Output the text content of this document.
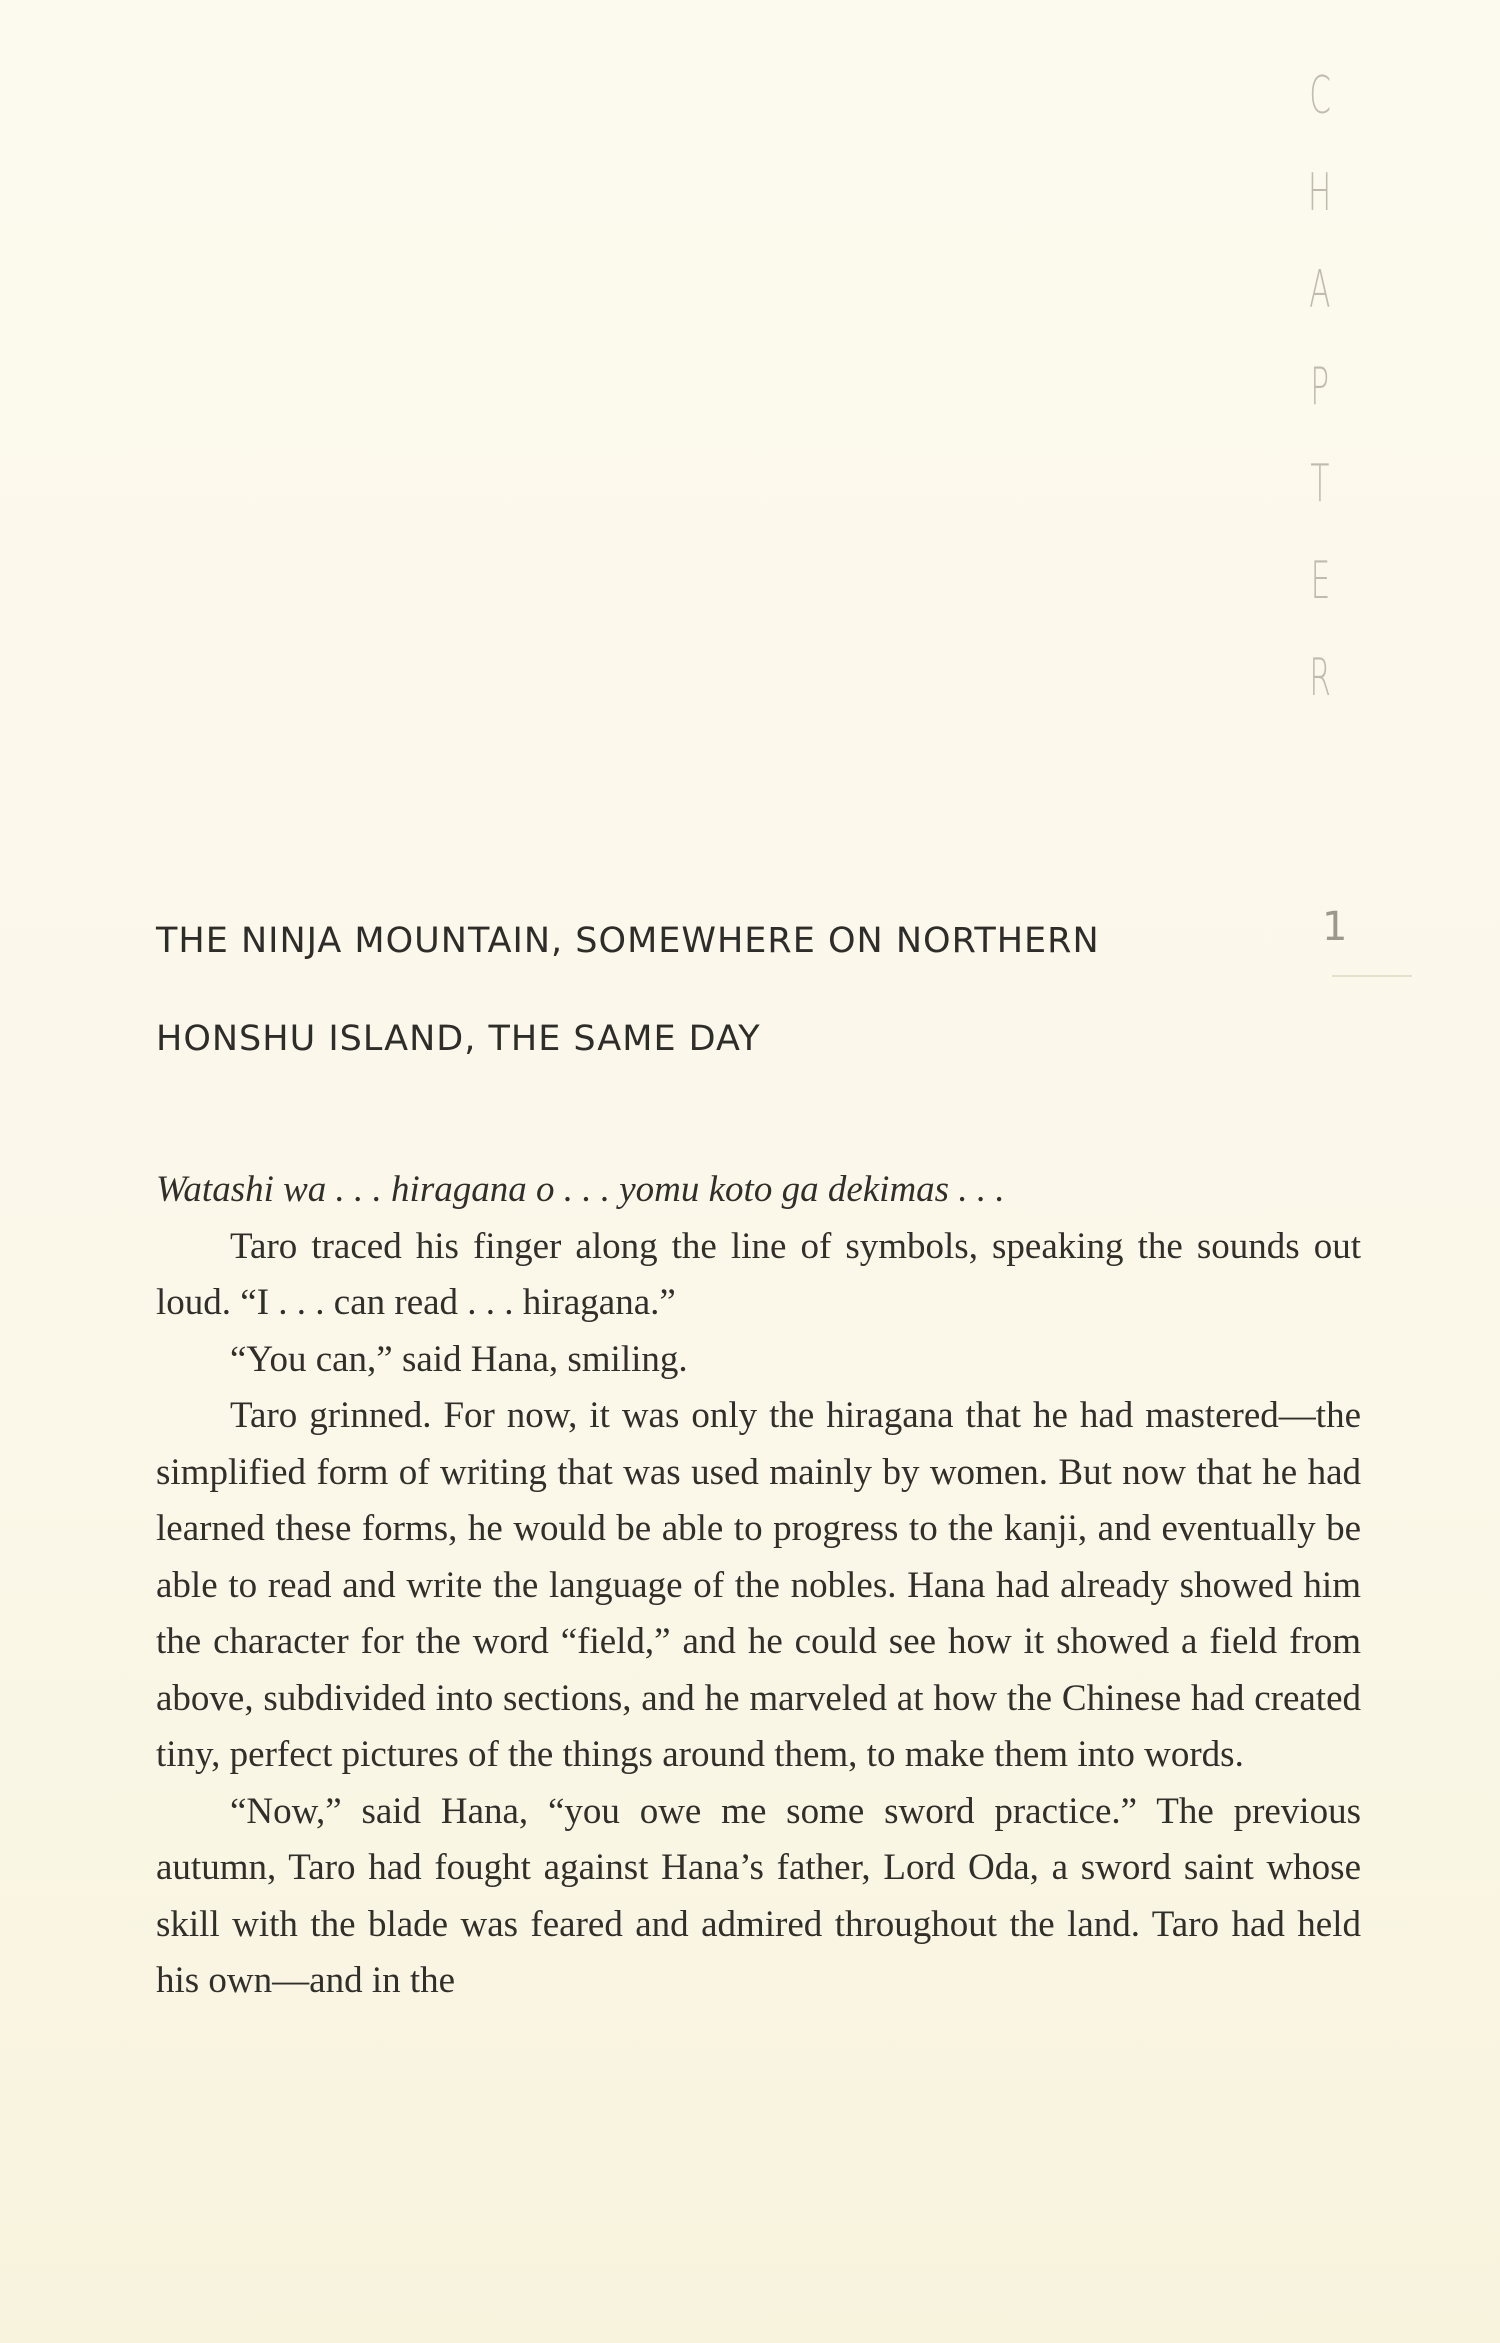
C
H
A
P
T
E
R
1
THE NINJA MOUNTAIN, SOMEWHERE ON NORTHERN
HONSHU ISLAND, THE SAME DAY

Watashi wa . . . hiragana o . . . yomu koto ga dekimas . . .

Taro traced his finger along the line of symbols, speaking the sounds out loud. “I . . . can read . . . hiragana.”

“You can,” said Hana, smiling.

Taro grinned. For now, it was only the hiragana that he had mastered—the simplified form of writing that was used mainly by women. But now that he had learned these forms, he would be able to progress to the kanji, and eventually be able to read and write the language of the nobles. Hana had already showed him the character for the word “field,” and he could see how it showed a field from above, subdivided into sections, and he marveled at how the Chinese had created tiny, perfect pictures of the things around them, to make them into words.

“Now,” said Hana, “you owe me some sword practice.” The previous autumn, Taro had fought against Hana’s father, Lord Oda, a sword saint whose skill with the blade was feared and admired throughout the land. Taro had held his own—and in the
